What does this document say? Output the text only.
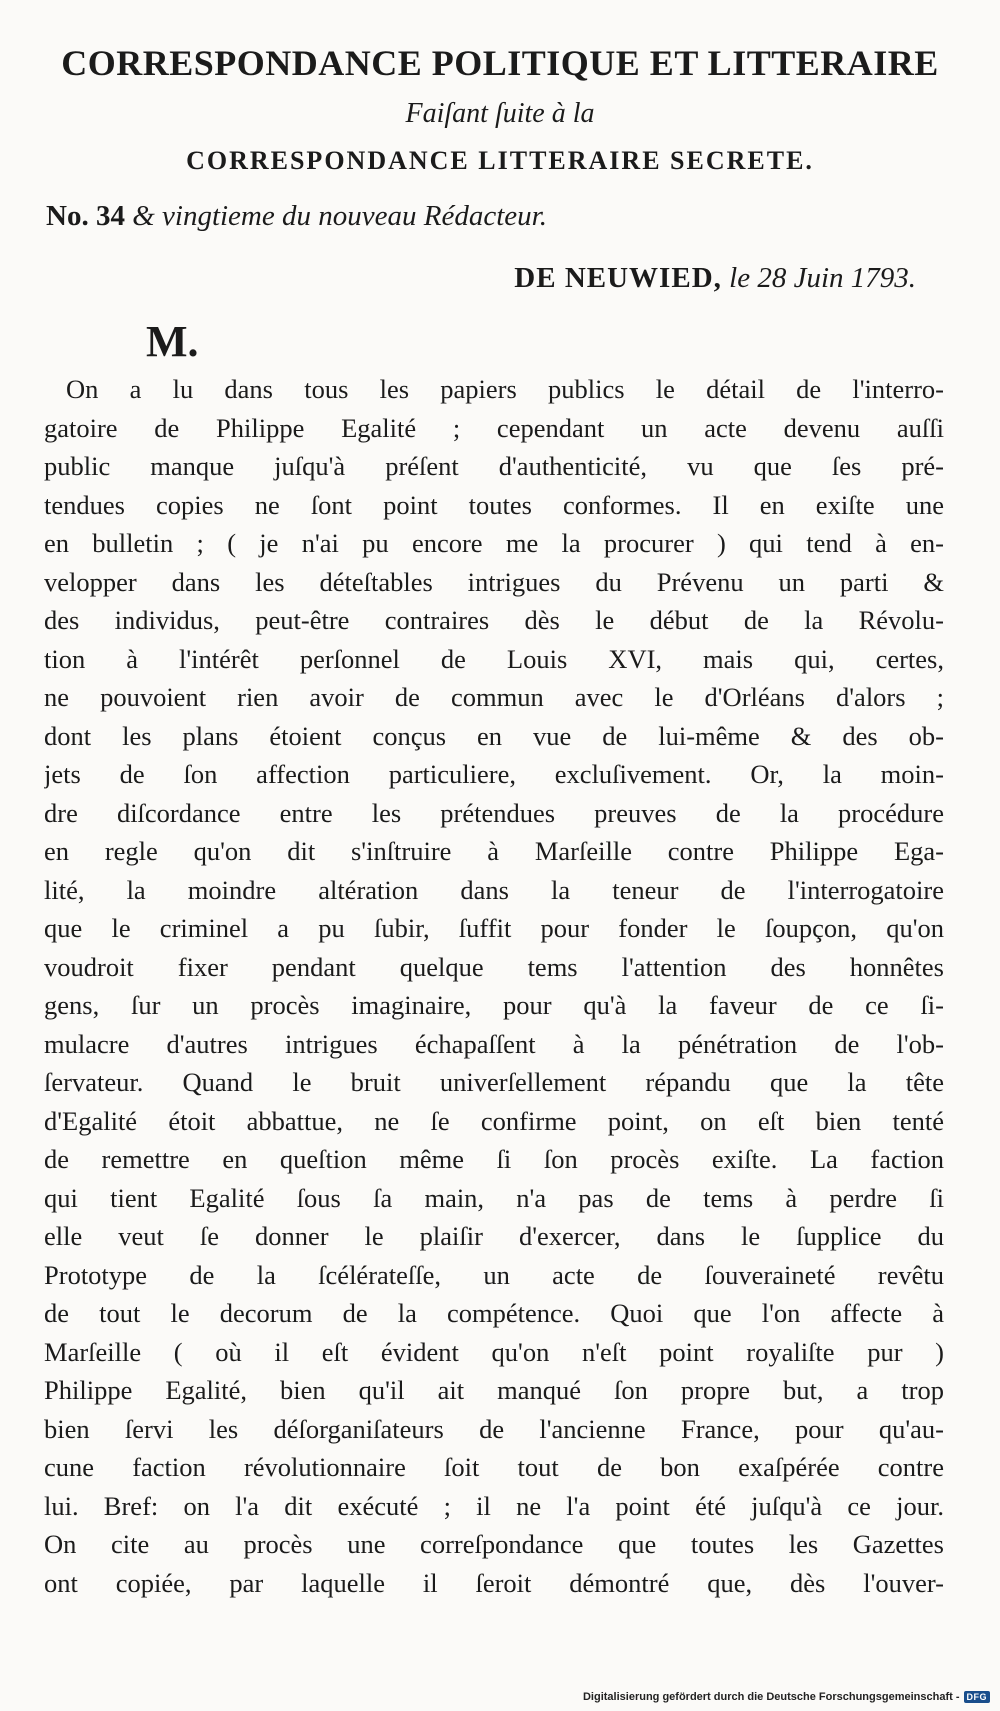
CORRESPONDANCE POLITIQUE ET LITTERAIRE
Faiſant ſuite à la
CORRESPONDANCE LITTERAIRE SECRETE.
No. 34 & vingtieme du nouveau Rédacteur.
DE NEUWIED, le 28 Juin 1793.
M.
On a lu dans tous les papiers publics le détail de l'interro-
gatoire de Philippe Egalité ; cependant un acte devenu auſſi
public manque juſqu'à préſent d'authenticité, vu que ſes pré-
tendues copies ne ſont point toutes conformes. Il en exiſte une
en bulletin ; ( je n'ai pu encore me la procurer ) qui tend à en-
velopper dans les déteſtables intrigues du Prévenu un parti &
des individus, peut-être contraires dès le début de la Révolu-
tion à l'intérêt perſonnel de Louis XVI, mais qui, certes,
ne pouvoient rien avoir de commun avec le d'Orléans d'alors ;
dont les plans étoient conçus en vue de lui-même & des ob-
jets de ſon affection particuliere, excluſivement. Or, la moin-
dre diſcordance entre les prétendues preuves de la procédure
en regle qu'on dit s'inſtruire à Marſeille contre Philippe Ega-
lité, la moindre altération dans la teneur de l'interrogatoire
que le criminel a pu ſubir, ſuffit pour fonder le ſoupçon, qu'on
voudroit fixer pendant quelque tems l'attention des honnêtes
gens, ſur un procès imaginaire, pour qu'à la faveur de ce ſi-
mulacre d'autres intrigues échapaſſent à la pénétration de l'ob-
ſervateur. Quand le bruit univerſellement répandu que la tête
d'Egalité étoit abbattue, ne ſe confirme point, on eſt bien tenté
de remettre en queſtion même ſi ſon procès exiſte. La faction
qui tient Egalité ſous ſa main, n'a pas de tems à perdre ſi
elle veut ſe donner le plaiſir d'exercer, dans le ſupplice du
Prototype de la ſcélérateſſe, un acte de ſouveraineté revêtu
de tout le decorum de la compétence. Quoi que l'on affecte à
Marſeille ( où il eſt évident qu'on n'eſt point royaliſte pur )
Philippe Egalité, bien qu'il ait manqué ſon propre but, a trop
bien ſervi les déſorganiſateurs de l'ancienne France, pour qu'au-
cune faction révolutionnaire ſoit tout de bon exaſpérée contre
lui. Bref: on l'a dit exécuté ; il ne l'a point été juſqu'à ce jour.
On cite au procès une correſpondance que toutes les Gazettes
ont copiée, par laquelle il ſeroit démontré que, dès l'ouver-
Digitalisierung gefördert durch die Deutsche Forschungsgemeinschaft - DFG
